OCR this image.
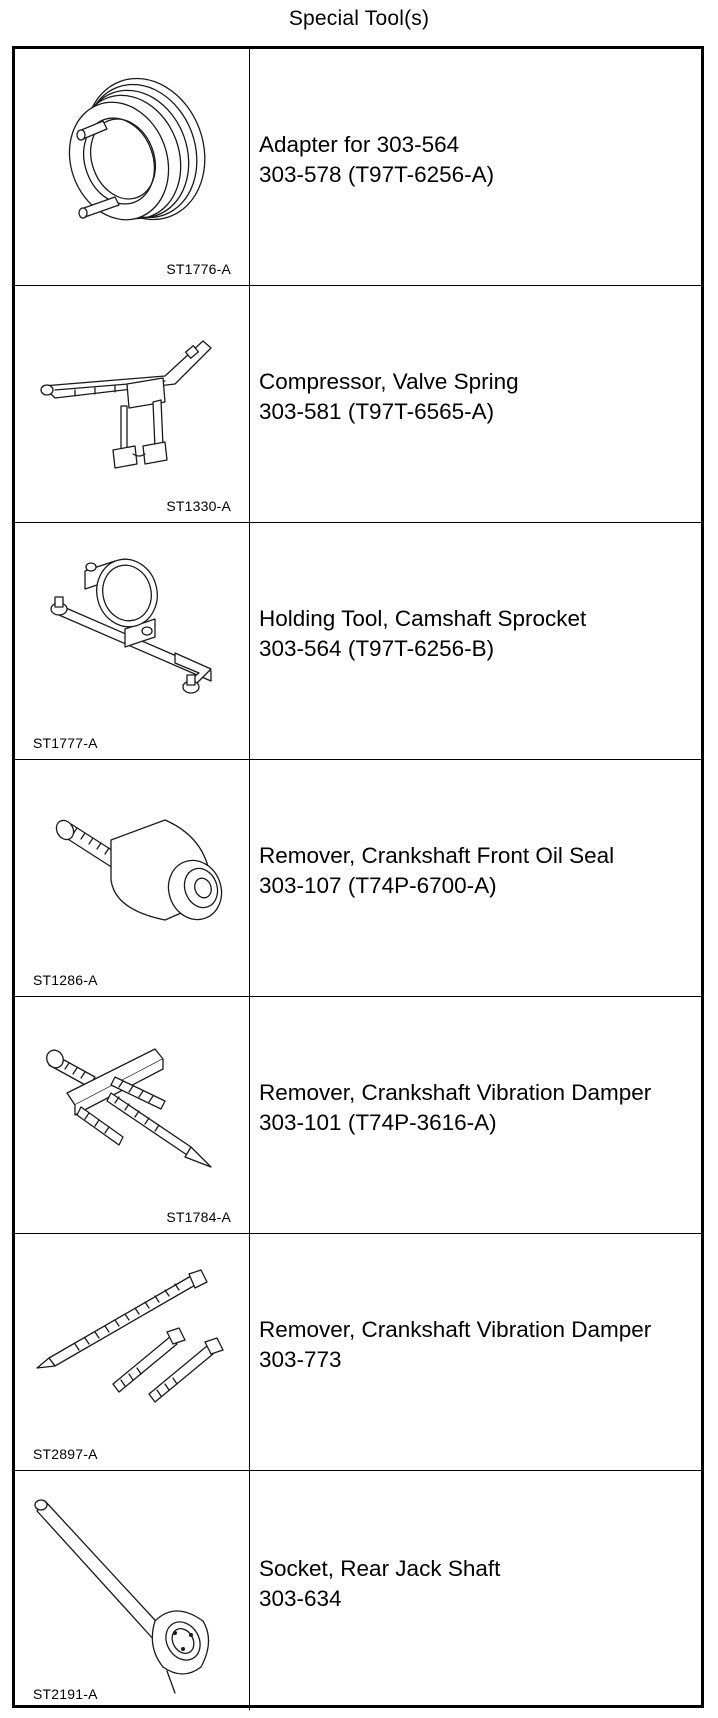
Special Tool(s)
ST1776-A
Adapter for 303-564
303-578 (T97T-6256-A)
ST1330-A
Compressor, Valve Spring
303-581 (T97T-6565-A)
ST1777-A
Holding Tool, Camshaft Sprocket
303-564 (T97T-6256-B)
ST1286-A
Remover, Crankshaft Front Oil Seal
303-107 (T74P-6700-A)
ST1784-A
Remover, Crankshaft Vibration Damper
303-101 (T74P-3616-A)
ST2897-A
Remover, Crankshaft Vibration Damper
303-773
ST2191-A
Socket, Rear Jack Shaft
303-634
